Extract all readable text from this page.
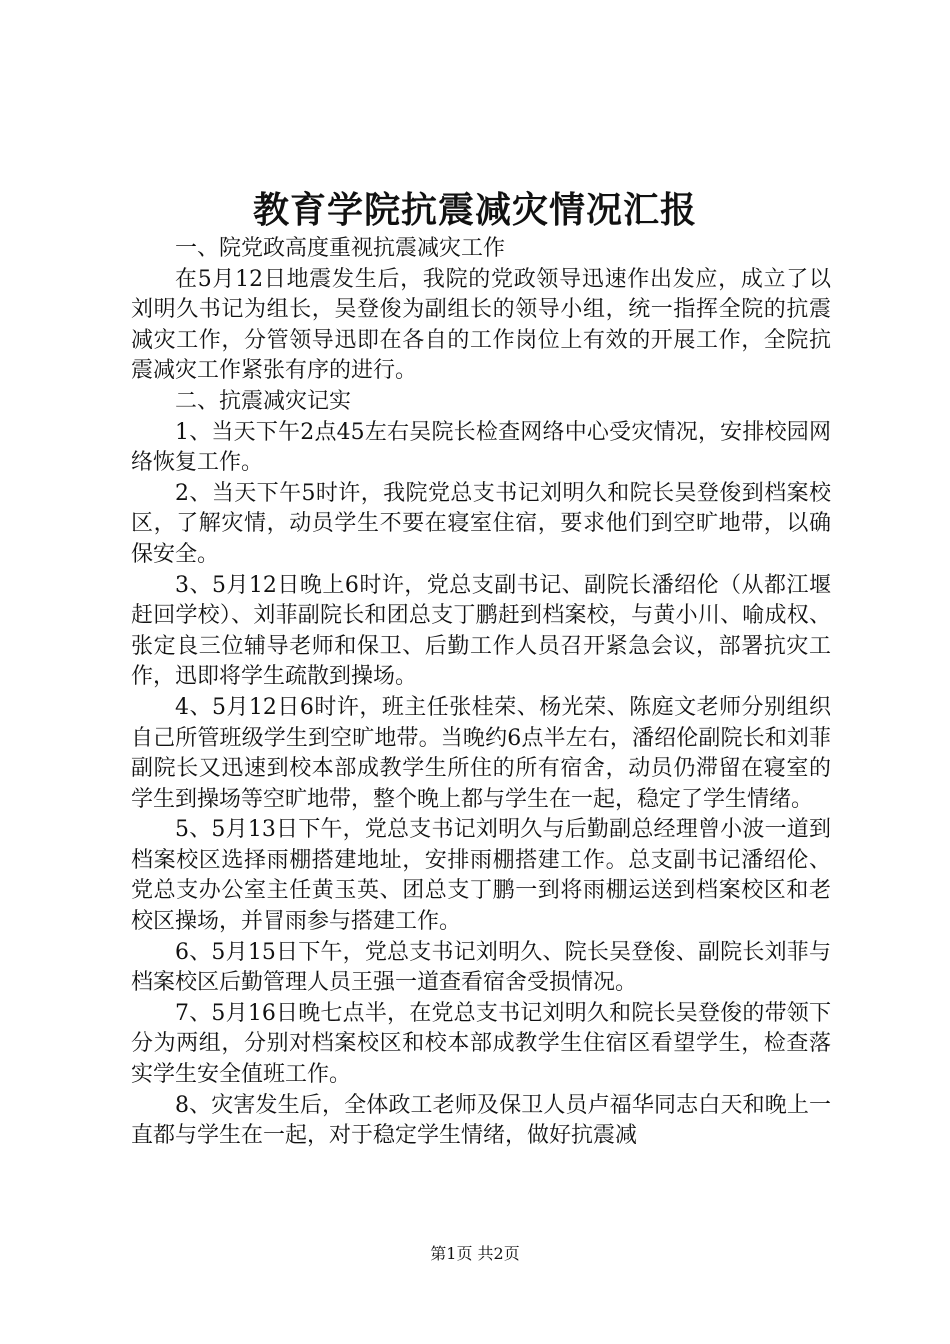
教育学院抗震减灾情况汇报

一、院党政高度重视抗震减灾工作

在5月12日地震发生后，我院的党政领导迅速作出发应，成立了以刘明久书记为组长，吴登俊为副组长的领导小组，统一指挥全院的抗震减灾工作，分管领导迅即在各自的工作岗位上有效的开展工作，全院抗震减灾工作紧张有序的进行。

二、抗震减灾记实

1、当天下午2点45左右吴院长检查网络中心受灾情况，安排校园网络恢复工作。

2、当天下午5时许，我院党总支书记刘明久和院长吴登俊到档案校区，了解灾情，动员学生不要在寝室住宿，要求他们到空旷地带，以确保安全。

3、5月12日晚上6时许，党总支副书记、副院长潘绍伦（从都江堰赶回学校）、刘菲副院长和团总支丁鹏赶到档案校，与黄小川、喻成权、张定良三位辅导老师和保卫、后勤工作人员召开紧急会议，部署抗灾工作，迅即将学生疏散到操场。

4、5月12日6时许，班主任张桂荣、杨光荣、陈庭文老师分别组织自己所管班级学生到空旷地带。当晚约6点半左右，潘绍伦副院长和刘菲副院长又迅速到校本部成教学生所住的所有宿舍，动员仍滞留在寝室的学生到操场等空旷地带，整个晚上都与学生在一起，稳定了学生情绪。

5、5月13日下午，党总支书记刘明久与后勤副总经理曾小波一道到档案校区选择雨棚搭建地址，安排雨棚搭建工作。总支副书记潘绍伦、党总支办公室主任黄玉英、团总支丁鹏一到将雨棚运送到档案校区和老校区操场，并冒雨参与搭建工作。

6、5月15日下午，党总支书记刘明久、院长吴登俊、副院长刘菲与档案校区后勤管理人员王强一道查看宿舍受损情况。

7、5月16日晚七点半，在党总支书记刘明久和院长吴登俊的带领下分为两组，分别对档案校区和校本部成教学生住宿区看望学生，检查落实学生安全值班工作。

8、灾害发生后，全体政工老师及保卫人员卢福华同志白天和晚上一直都与学生在一起，对于稳定学生情绪，做好抗震减

第1页 共2页
